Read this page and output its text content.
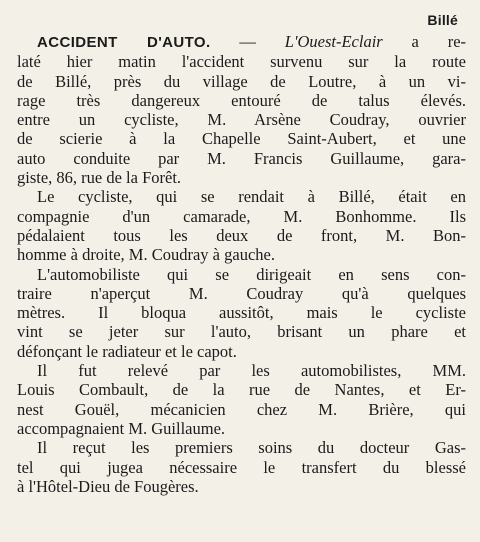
Billé
ACCIDENT D'AUTO. — L'Ouest-Eclair a re-
laté hier matin l'accident survenu sur la route
de Billé, près du village de Loutre, à un vi-
rage très dangereux entouré de talus élevés.
entre un cycliste, M. Arsène Coudray, ouvrier
de scierie à la Chapelle Saint-Aubert, et une
auto conduite par M. Francis Guillaume, gara-
giste, 86, rue de la Forêt.
Le cycliste, qui se rendait à Billé, était en
compagnie d'un camarade, M. Bonhomme. Ils
pédalaient tous les deux de front, M. Bon-
homme à droite, M. Coudray à gauche.
L'automobiliste qui se dirigeait en sens con-
traire n'aperçut M. Coudray qu'à quelques
mètres. Il bloqua aussitôt, mais le cycliste
vint se jeter sur l'auto, brisant un phare et
défonçant le radiateur et le capot.
Il fut relevé par les automobilistes, MM.
Louis Combault, de la rue de Nantes, et Er-
nest Gouël, mécanicien chez M. Brière, qui
accompagnaient M. Guillaume.
Il reçut les premiers soins du docteur Gas-
tel qui jugea nécessaire le transfert du blessé
à l'Hôtel-Dieu de Fougères.
